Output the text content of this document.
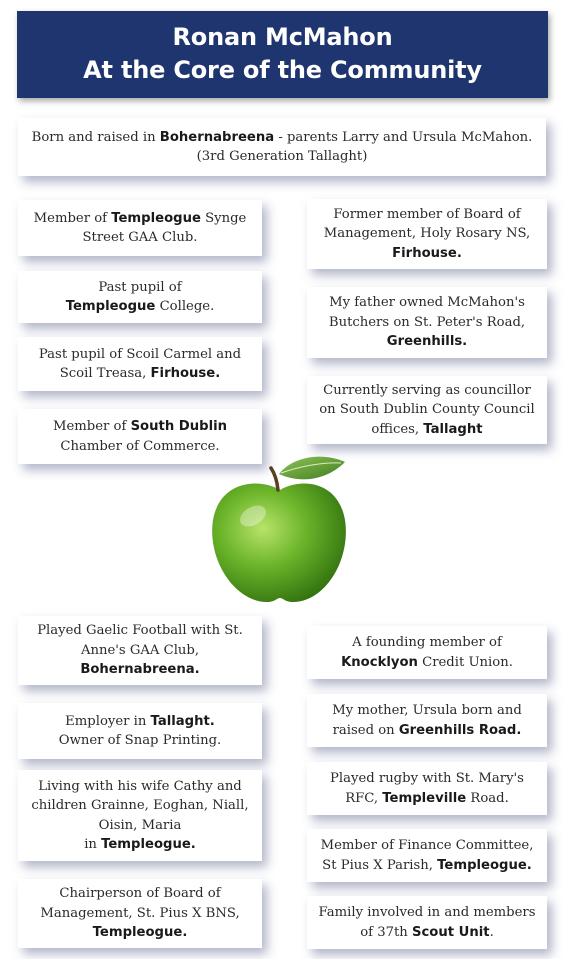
Ronan McMahon
At the Core of the Community
Born and raised in Bohernabreena - parents Larry and Ursula McMahon.
(3rd Generation Tallaght)
Member of Templeogue Synge Street GAA Club.
Past pupil of
Templeogue College.
Past pupil of Scoil Carmel and Scoil Treasa, Firhouse.
Member of South Dublin Chamber of Commerce.
Former member of Board of Management, Holy Rosary NS,
Firhouse.
My father owned McMahon's Butchers on St. Peter's Road,
Greenhills.
Currently serving as councillor on South Dublin County Council offices, Tallaght
Played Gaelic Football with St. Anne's GAA Club,
Bohernabreena.
Employer in Tallaght.
Owner of Snap Printing.
Living with his wife Cathy and children Grainne, Eoghan, Niall, Oisin, Maria
in Templeogue.
Chairperson of Board of Management, St. Pius X BNS,
Templeogue.
A founding member of
Knocklyon Credit Union.
My mother, Ursula born and raised on Greenhills Road.
Played rugby with St. Mary's RFC, Templeville Road.
Member of Finance Committee, St Pius X Parish, Templeogue.
Family involved in and members of 37th Scout Unit.
